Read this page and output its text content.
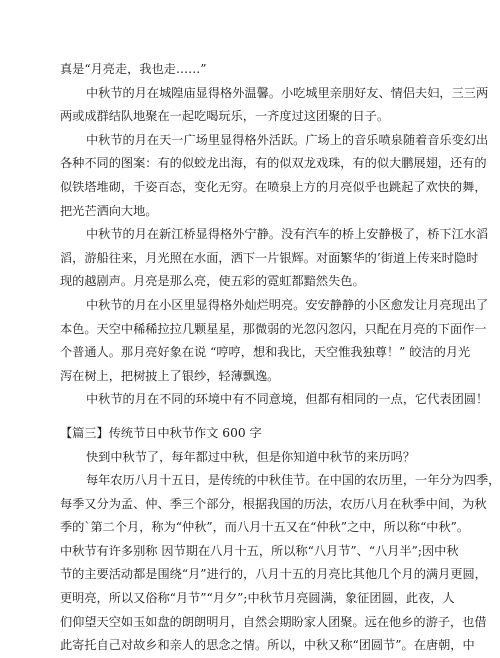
真是“月亮走，我也走……”
中秋节的月在城隍庙显得格外温馨。小吃城里亲朋好友、情侣夫妇，三三两
两或成群结队地聚在一起吃喝玩乐，一齐度过这团聚的日子。
中秋节的月在天一广场里显得格外活跃。广场上的音乐喷泉随着音乐变幻出
各种不同的图案：有的似蛟龙出海，有的似双龙戏珠，有的似大鹏展翅，还有的
似铁塔堆砌，千姿百态，变化无穷。在喷泉上方的月亮似乎也跳起了欢快的舞，
把光芒洒向大地。
中秋节的月在新江桥显得格外宁静。没有汽车的桥上安静极了，桥下江水滔
滔，游船往来，月光照在水面，洒下一片银辉。对面繁华的’街道上传来时隐时
现的越剧声。月亮是那么亮，使五彩的霓虹都黯然失色。
中秋节的月在小区里显得格外灿烂明亮。安安静静的小区愈发让月亮现出了
本色。天空中稀稀拉拉几颗星星，那微弱的光忽闪忽闪，只配在月亮的下面作一
个普通人。那月亮好象在说 “哼哼，想和我比，天空惟我独尊！” 皎洁的月光
泻在树上，把树披上了银纱，轻薄飘逸。
中秋节的月在不同的环境中有不同意境，但都有相同的一点，它代表团圆！
【篇三】传统节日中秋节作文 600 字
快到中秋节了，每年都过中秋，但是你知道中秋节的来历吗？
每年农历八月十五日，是传统的中秋佳节。在中国的农历里，一年分为四季，
每季又分为孟、仲、季三个部分，根据我国的历法，农历八月在秋季中间，为秋
季的`第二个月，称为“仲秋”，而八月十五又在“仲秋”之中，所以称“中秋”。
中秋节有许多别称 因节期在八月十五，所以称“八月节”、“八月半”;因中秋
节的主要活动都是围绕“月”进行的，八月十五的月亮比其他几个月的满月更圆，
更明亮，所以又俗称“月节”“月夕”;中秋节月亮圆满，象征团圆，此夜，人
们仰望天空如玉如盘的朗朗明月，自然会期盼家人团聚。远在他乡的游子，也借
此寄托自己对故乡和亲人的思念之情。所以，中秋又称“团圆节”。在唐朝，中
